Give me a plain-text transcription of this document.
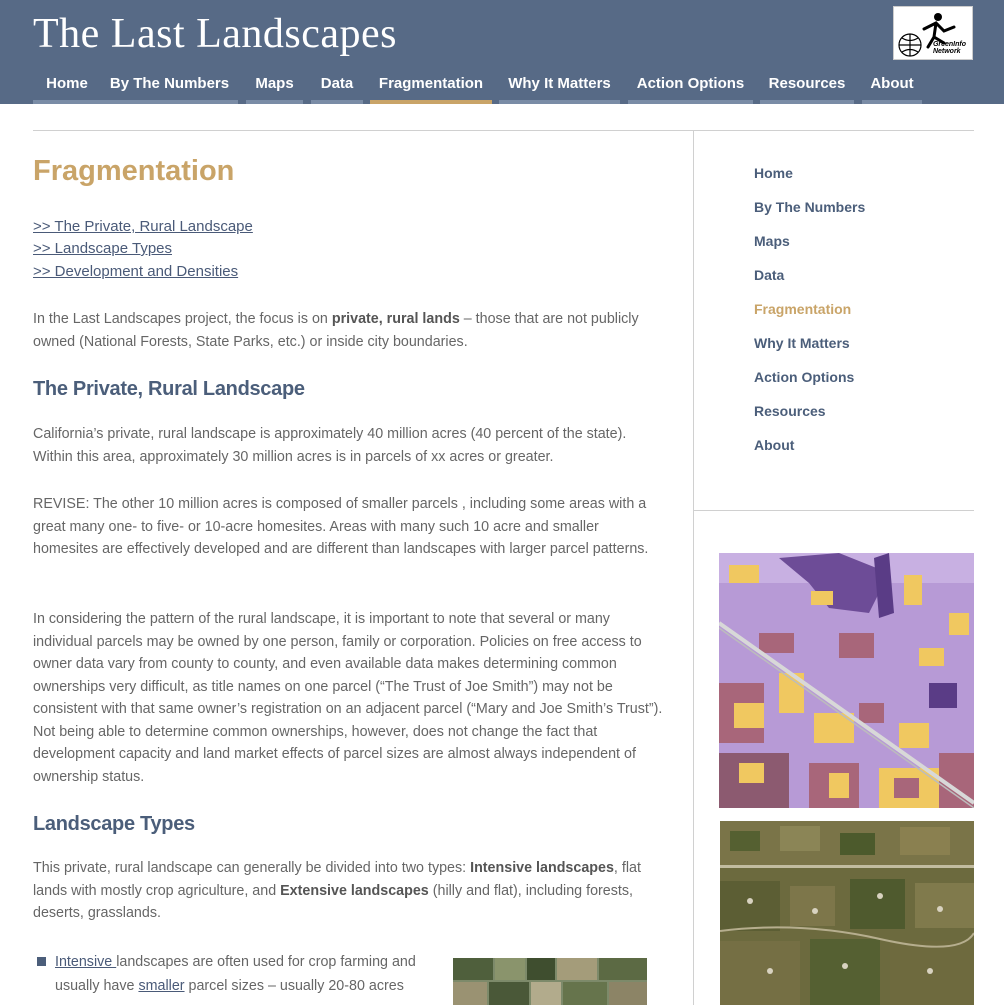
The Last Landscapes	GreenInfo
Network
Home	By The Numbers	Maps	Data	Fragmentation	Why It Matters	Action Options	Resources	About
Fragmentation
>> The Private, Rural Landscape
>> Landscape Types
>> Development and Densities

In the Last Landscapes project, the focus is on private, rural lands – those that are not publicly owned (National Forests, State Parks, etc.) or inside city boundaries.

The Private, Rural Landscape

California’s private, rural landscape is approximately 40 million acres (40 percent of the state). Within this area, approximately 30 million acres is in parcels of xx acres or greater.

REVISE: The other 10 million acres is composed of smaller parcels , including some areas with a great many one- to five- or 10-acre homesites. Areas with many such 10 acre and smaller homesites are effectively developed and are different than landscapes with larger parcel patterns.

In considering the pattern of the rural landscape, it is important to note that several or many individual parcels may be owned by one person, family or corporation. Policies on free access to owner data vary from county to county, and even available data makes determining common ownerships very difficult, as title names on one parcel (“The Trust of Joe Smith”) may not be consistent with that same owner’s registration on an adjacent parcel (“Mary and Joe Smith’s Trust”). Not being able to determine common ownerships, however, does not change the fact that development capacity and land market effects of parcel sizes are almost always independent of ownership status.

Landscape Types

This private, rural landscape can generally be divided into two types: Intensive landscapes, flat lands with mostly crop agriculture, and Extensive landscapes (hilly and flat), including forests, deserts, grasslands.

Intensive landscapes are often used for crop farming and usually have smaller parcel sizes – usually 20-80 acres
Home
By The Numbers
Maps
Data
Fragmentation
Why It Matters
Action Options
Resources
About
